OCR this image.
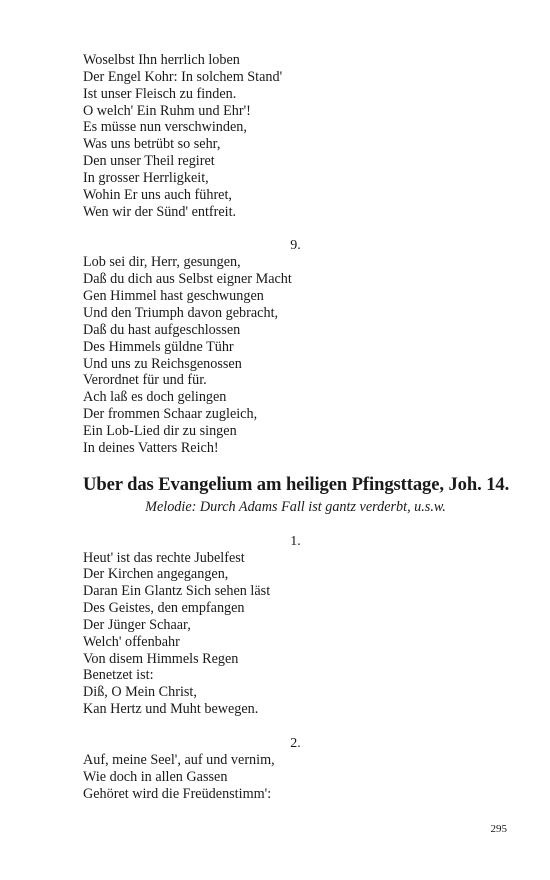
Woselbst Ihn herrlich loben
Der Engel Kohr: In solchem Stand'
Ist unser Fleisch zu finden.
O welch' Ein Ruhm und Ehr'!
Es müsse nun verschwinden,
Was uns betrübt so sehr,
Den unser Theil regiret
In grosser Herrligkeit,
Wohin Er uns auch führet,
Wen wir der Sünd' entfreit.
9.
Lob sei dir, Herr, gesungen,
Daß du dich aus Selbst eigner Macht
Gen Himmel hast geschwungen
Und den Triumph davon gebracht,
Daß du hast aufgeschlossen
Des Himmels güldne Tühr
Und uns zu Reichsgenossen
Verordnet für und für.
Ach laß es doch gelingen
Der frommen Schaar zugleich,
Ein Lob-Lied dir zu singen
In deines Vatters Reich!
Uber das Evangelium am heiligen Pfingsttage, Joh. 14.
Melodie: Durch Adams Fall ist gantz verderbt, u.s.w.
1.
Heut' ist das rechte Jubelfest
Der Kirchen angegangen,
Daran Ein Glantz Sich sehen läst
Des Geistes, den empfangen
Der Jünger Schaar,
Welch' offenbahr
Von disem Himmels Regen
Benetzet ist:
Diß, O Mein Christ,
Kan Hertz und Muht bewegen.
2.
Auf, meine Seel', auf und vernim,
Wie doch in allen Gassen
Gehöret wird die Freüdenstimm':
295
